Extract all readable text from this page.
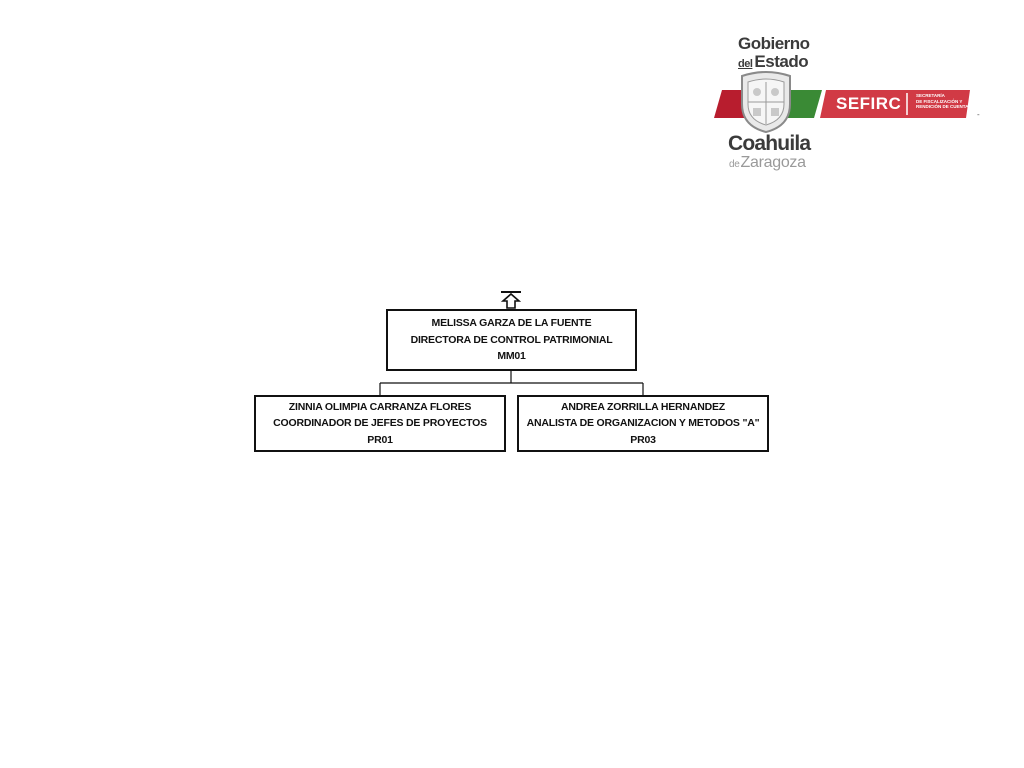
Gobierno
del Estado
SEFIRC	SECRETARÍA
DE FISCALIZACIÓN Y
RENDICIÓN DE CUENTAS
Coahuila
deZaragoza
-
MELISSA GARZA DE LA FUENTE
DIRECTORA DE CONTROL PATRIMONIAL
MM01
ZINNIA OLIMPIA CARRANZA FLORES
COORDINADOR DE JEFES DE PROYECTOS
PR01
ANDREA ZORRILLA HERNANDEZ
ANALISTA DE ORGANIZACION Y METODOS "A"
PR03
